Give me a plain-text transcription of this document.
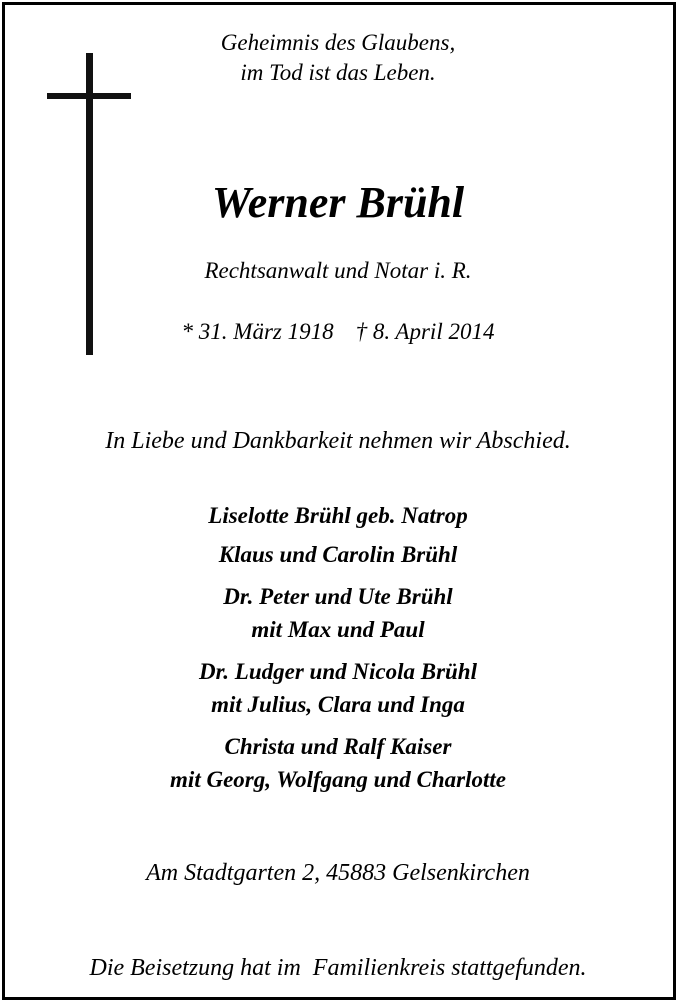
Geheimnis des Glaubens,
im Tod ist das Leben.
Werner Brühl
Rechtsanwalt und Notar i. R.
* 31. März 1918 † 8. April 2014
In Liebe und Dankbarkeit nehmen wir Abschied.
Liselotte Brühl geb. Natrop
Klaus und Carolin Brühl
Dr. Peter und Ute Brühl
mit Max und Paul
Dr. Ludger und Nicola Brühl
mit Julius, Clara und Inga
Christa und Ralf Kaiser
mit Georg, Wolfgang und Charlotte
Am Stadtgarten 2, 45883 Gelsenkirchen
Die Beisetzung hat im  Familienkreis stattgefunden.
